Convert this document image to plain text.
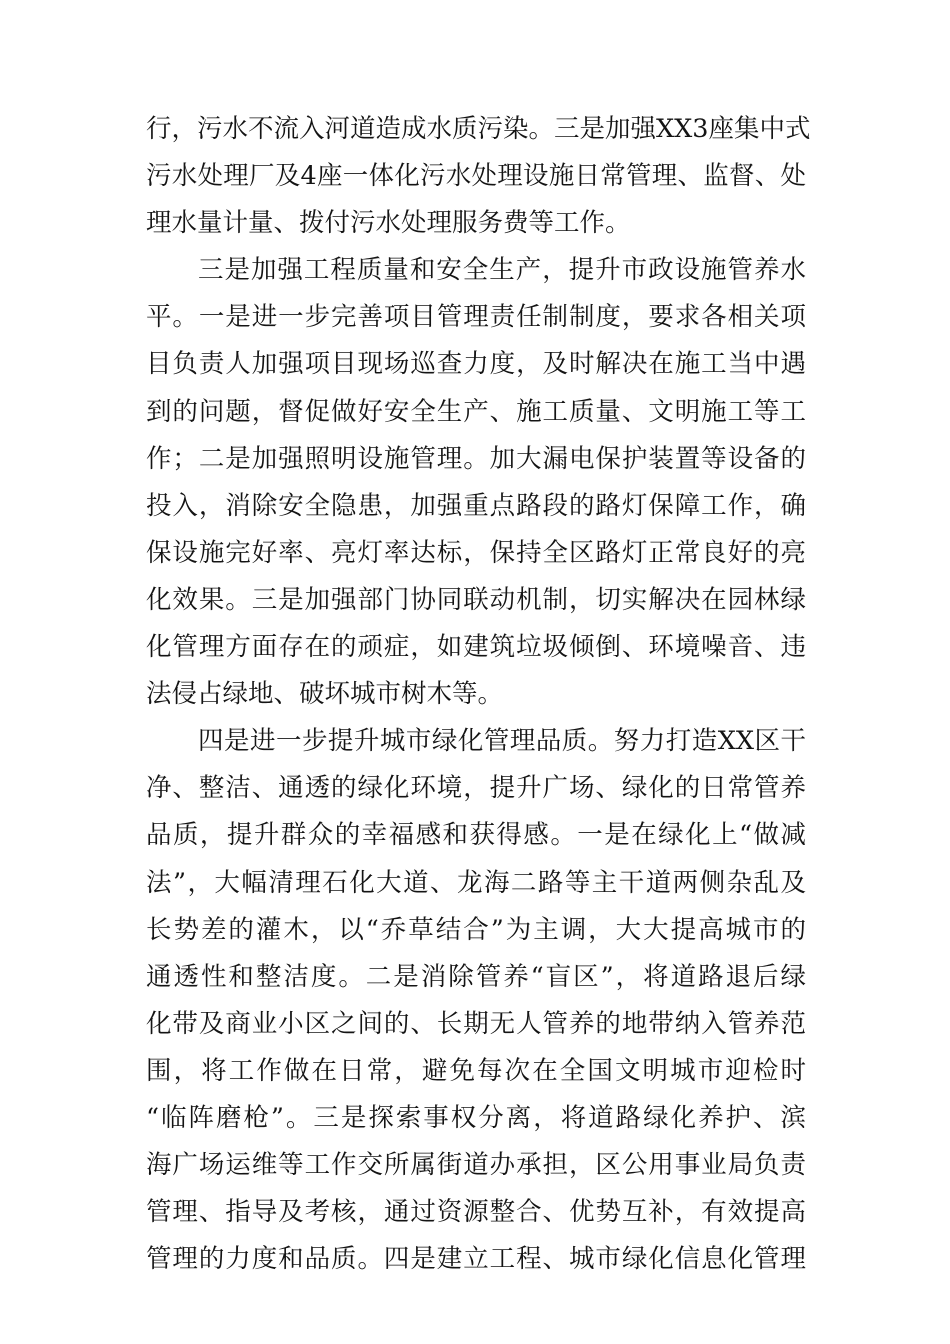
行，污水不流入河道造成水质污染。三是加强XX3座集中式
污水处理厂及4座一体化污水处理设施日常管理、监督、处
理水量计量、拨付污水处理服务费等工作。
三是加强工程质量和安全生产，提升市政设施管养水
平。一是进一步完善项目管理责任制制度，要求各相关项
目负责人加强项目现场巡查力度，及时解决在施工当中遇
到的问题，督促做好安全生产、施工质量、文明施工等工
作；二是加强照明设施管理。加大漏电保护装置等设备的
投入，消除安全隐患，加强重点路段的路灯保障工作，确
保设施完好率、亮灯率达标，保持全区路灯正常良好的亮
化效果。三是加强部门协同联动机制，切实解决在园林绿
化管理方面存在的顽症，如建筑垃圾倾倒、环境噪音、违
法侵占绿地、破坏城市树木等。
四是进一步提升城市绿化管理品质。努力打造XX区干
净、整洁、通透的绿化环境，提升广场、绿化的日常管养
品质，提升群众的幸福感和获得感。一是在绿化上“做减
法”，大幅清理石化大道、龙海二路等主干道两侧杂乱及
长势差的灌木，以“乔草结合”为主调，大大提高城市的
通透性和整洁度。二是消除管养“盲区”，将道路退后绿
化带及商业小区之间的、长期无人管养的地带纳入管养范
围，将工作做在日常，避免每次在全国文明城市迎检时
“临阵磨枪”。三是探索事权分离，将道路绿化养护、滨
海广场运维等工作交所属街道办承担，区公用事业局负责
管理、指导及考核，通过资源整合、优势互补，有效提高
管理的力度和品质。四是建立工程、城市绿化信息化管理
